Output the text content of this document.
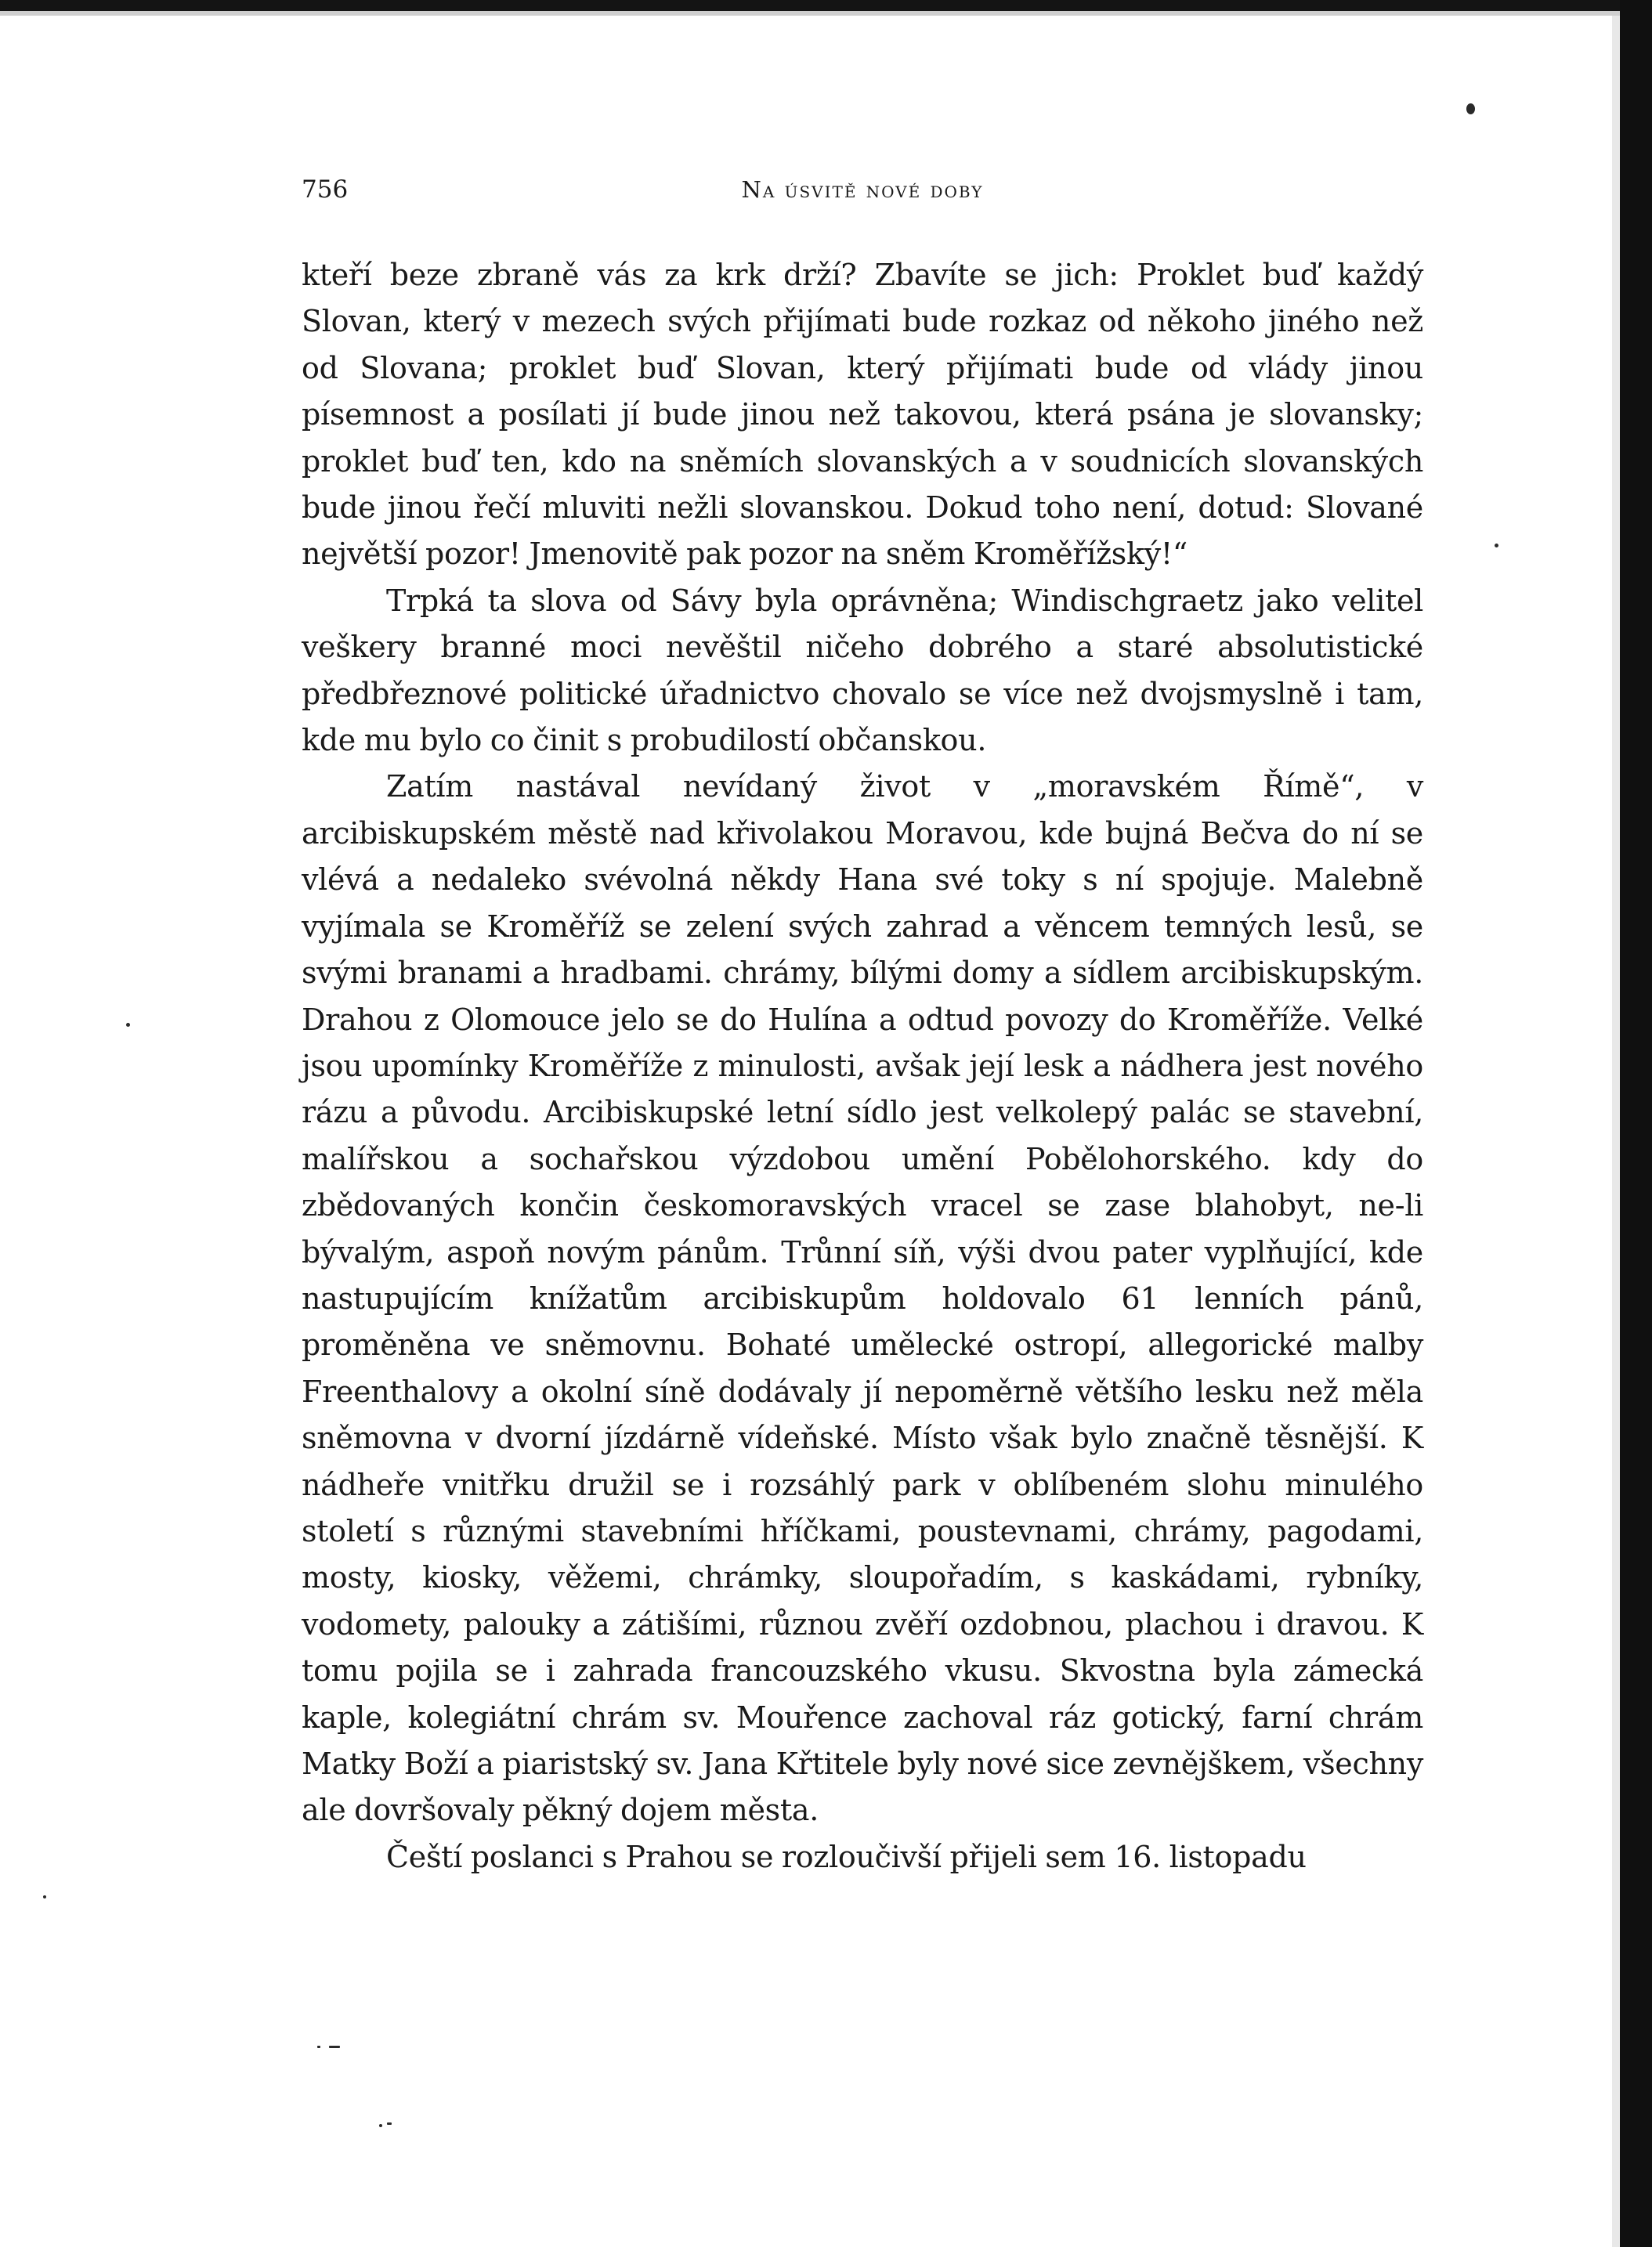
756	Na úsvitě nové doby

kteří beze zbraně vás za krk drží? Zbavíte se jich: Proklet buď každý Slovan, který v mezech svých přijímati bude rozkaz od někoho jiného než od Slovana; proklet buď Slovan, který přijímati bude od vlády jinou písemnost a posílati jí bude jinou než takovou, která psána je slovansky; proklet buď ten, kdo na sněmích slovanských a v soudnicích slovanských bude jinou řečí mluviti nežli slovanskou. Dokud toho není, dotud: Slované největší pozor! Jmenovitě pak pozor na sněm Kroměřížský!“

Trpká ta slova od Sávy byla oprávněna; Windischgraetz jako velitel veškery branné moci nevěštil ničeho dobrého a staré absolutistické předbřeznové politické úřadnictvo chovalo se více než dvojsmyslně i tam, kde mu bylo co činit s probudilostí občanskou.

Zatím nastával nevídaný život v „moravském Římě“, v arcibiskupském městě nad křivolakou Moravou, kde bujná Bečva do ní se vlévá a nedaleko svévolná někdy Hana své toky s ní spojuje. Malebně vyjímala se Kroměříž se zelení svých zahrad a věncem temných lesů, se svými branami a hradbami. chrámy, bílými domy a sídlem arcibiskupským. Drahou z Olomouce jelo se do Hulína a odtud povozy do Kroměříže. Velké jsou upomínky Kroměříže z minulosti, avšak její lesk a nádhera jest nového rázu a původu. Arcibiskupské letní sídlo jest velkolepý palác se stavební, malířskou a sochařskou výzdobou umění Pobělohorského. kdy do zbědovaných končin českomoravských vracel se zase blahobyt, ne-li bývalým, aspoň novým pánům. Trůnní síň, výši dvou pater vyplňující, kde nastupujícím knížatům arcibiskupům holdovalo 61 lenních pánů, proměněna ve sněmovnu. Bohaté umělecké ostropí, allegorické malby Freenthalovy a okolní síně dodávaly jí nepoměrně většího lesku než měla sněmovna v dvorní jízdárně vídeňské. Místo však bylo značně těsnější. K nádheře vnitřku družil se i rozsáhlý park v oblíbeném slohu minulého století s různými stavebními hříčkami, poustevnami, chrámy, pagodami, mosty, kiosky, věžemi, chrámky, sloupořadím, s kaskádami, rybníky, vodomety, palouky a zátišími, různou zvěří ozdobnou, plachou i dravou. K tomu pojila se i zahrada francouzského vkusu. Skvostna byla zámecká kaple, kolegiátní chrám sv. Mouřence zachoval ráz gotický, farní chrám Matky Boží a piaristský sv. Jana Křtitele byly nové sice zevnějškem, všechny ale dovršovaly pěkný dojem města.

Čeští poslanci s Prahou se rozloučivší přijeli sem 16. listopadu
